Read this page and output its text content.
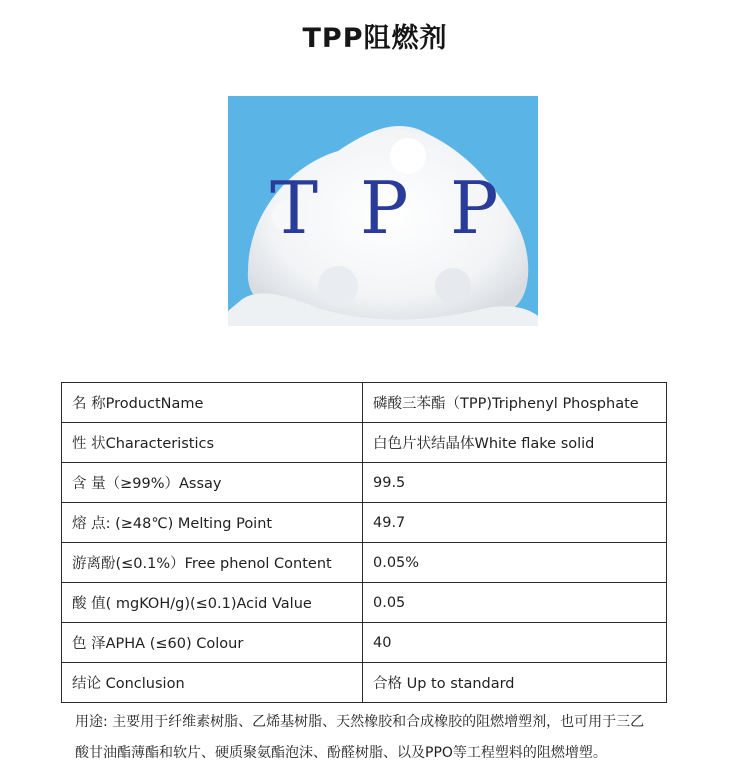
TPP阻燃剂
T P P
名 称ProductName	磷酸三苯酯（TPP)Triphenyl Phosphate
性 状Characteristics	白色片状结晶体White flake solid
含 量（≥99%）Assay	99.5
熔 点: (≥48℃) Melting Point	49.7
游离酚(≤0.1%）Free phenol Content	0.05%
酸 值( mgKOH/g)(≤0.1)Acid Value	0.05
色 泽APHA (≤60) Colour	40
结论 Conclusion	合格 Up to standard
用途: 主要用于纤维素树脂、乙烯基树脂、天然橡胶和合成橡胶的阻燃增塑剂，也可用于三乙
酸甘油酯薄酯和软片、硬质聚氨酯泡沫、酚醛树脂、以及PPO等工程塑料的阻燃增塑。
